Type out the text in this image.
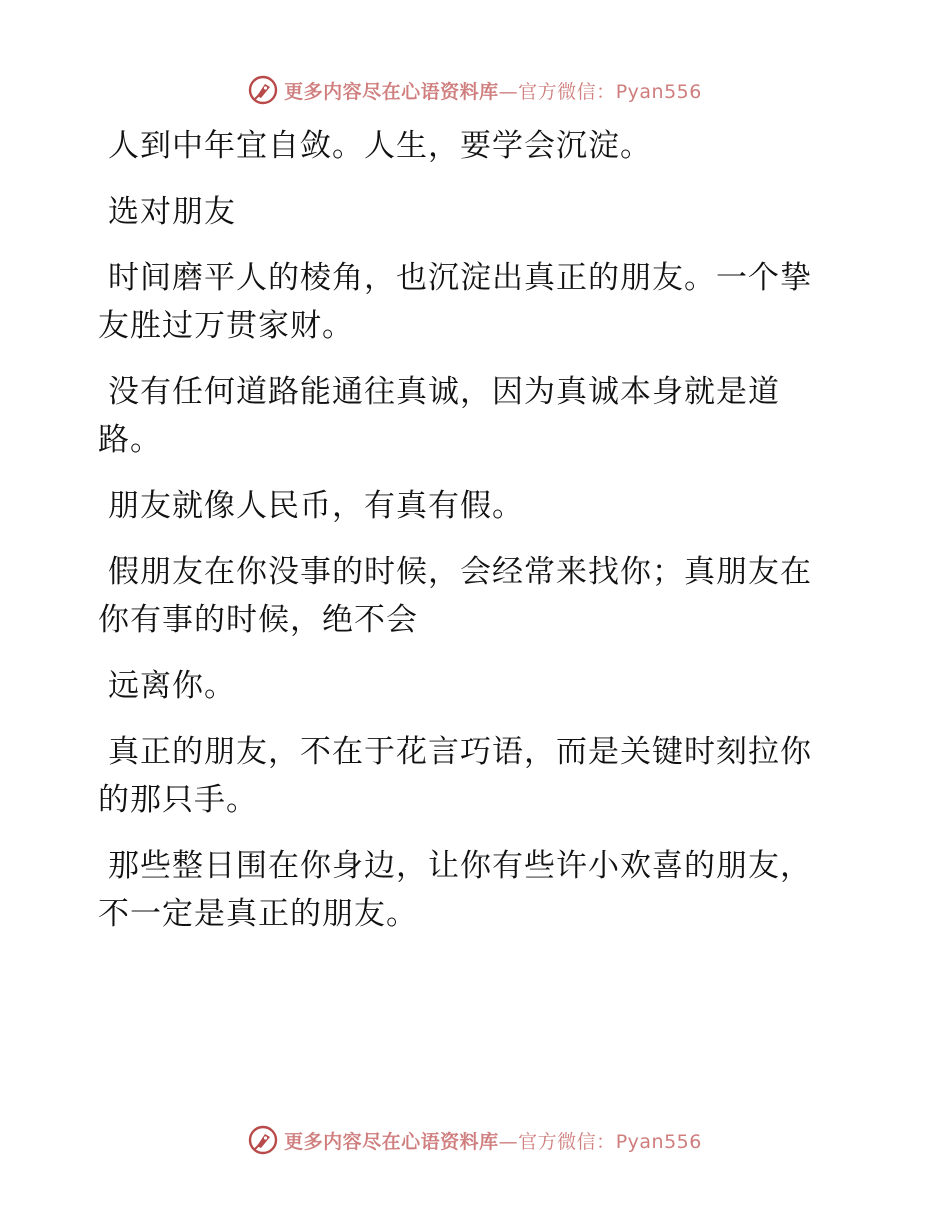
更多内容尽在心语资料库—官方微信：Pyan556

人到中年宜自敛。人生，要学会沉淀。

选对朋友

时间磨平人的棱角，也沉淀出真正的朋友。一个挚友胜过万贯家财。

没有任何道路能通往真诚，因为真诚本身就是道路。

朋友就像人民币，有真有假。

假朋友在你没事的时候，会经常来找你；真朋友在你有事的时候，绝不会

远离你。

真正的朋友，不在于花言巧语，而是关键时刻拉你的那只手。

那些整日围在你身边，让你有些许小欢喜的朋友，不一定是真正的朋友。

更多内容尽在心语资料库—官方微信：Pyan556
